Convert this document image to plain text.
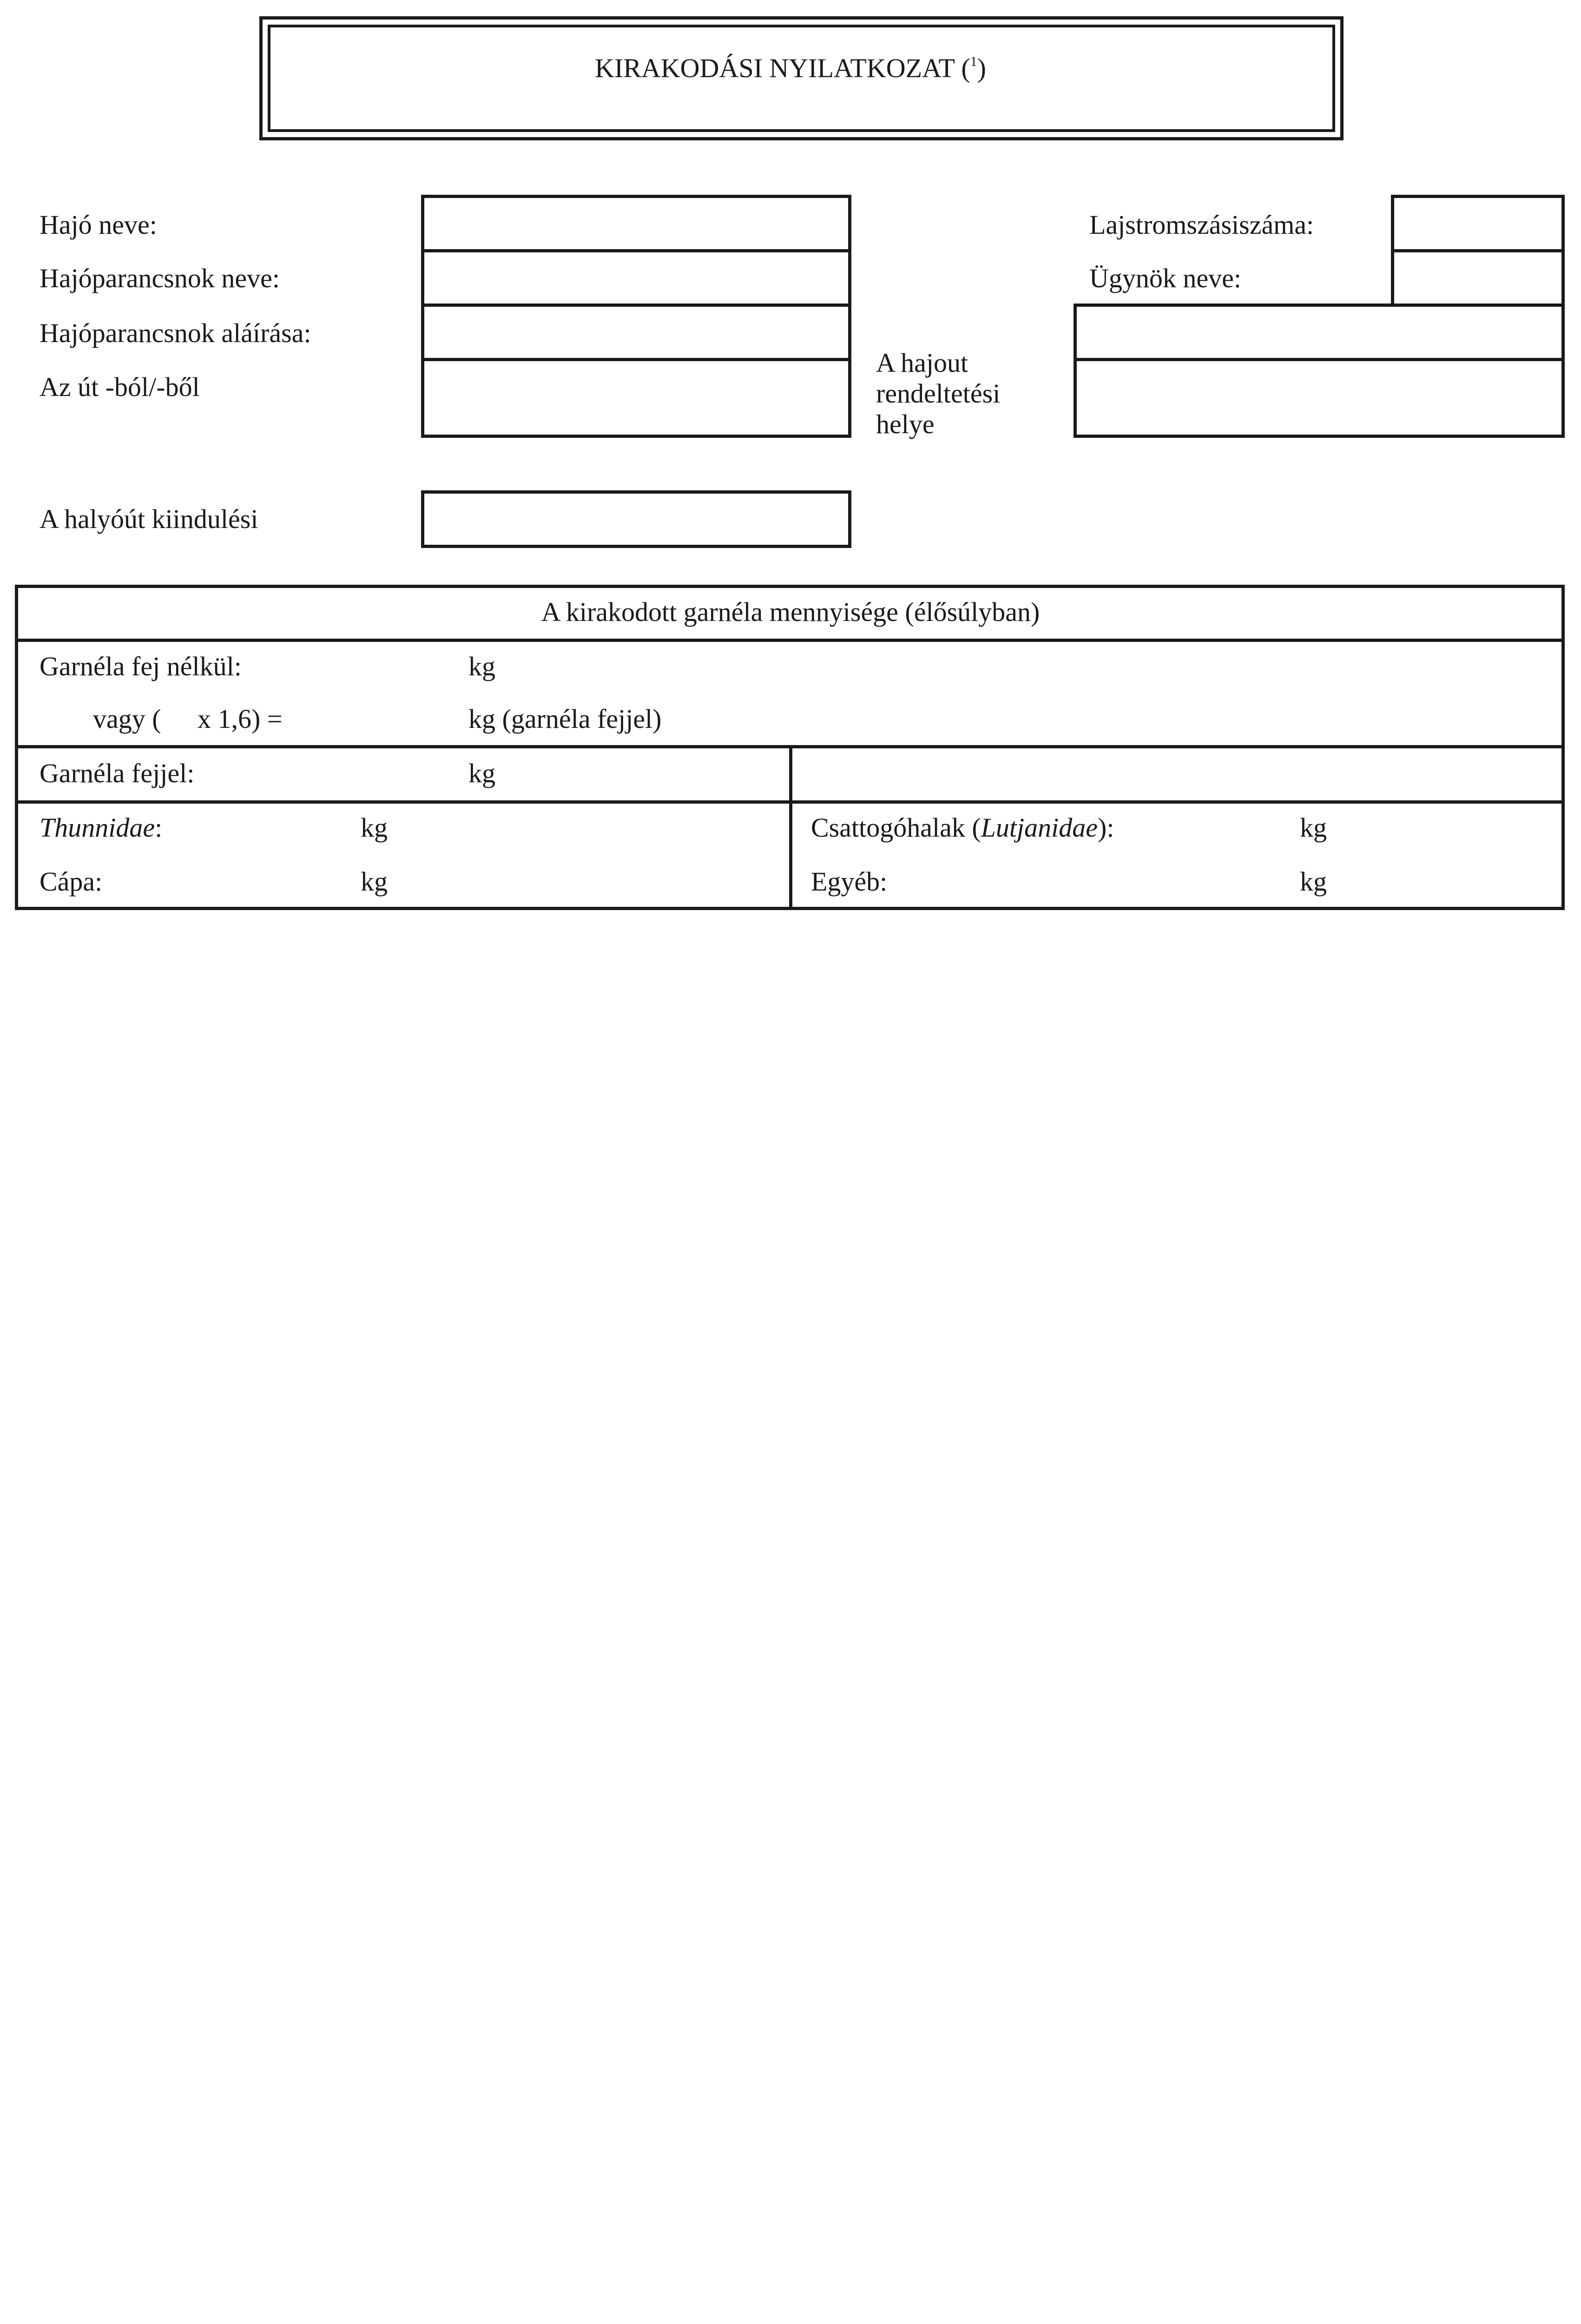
KIRAKODÁSI NYILATKOZAT ($^1$)
Hajó neve:
Hajóparancsnok neve:
Hajóparancsnok aláírása:
Az út -ból/-ből
A hajout
rendeltetési
helye
Lajstromszásiszáma:
Ügynök neve:
A halyóút kiindulési
A kirakodott garnéla mennyisége (élősúlyban)
Garnéla fej nélkül:	kg
vagy ( x 1,6) =	kg (garnéla fejjel)
Garnéla fejjel:	kg
Thunnidae:	kg	Csattogóhalak (Lutjanidae):	kg
Cápa:	kg	Egyéb:	kg
